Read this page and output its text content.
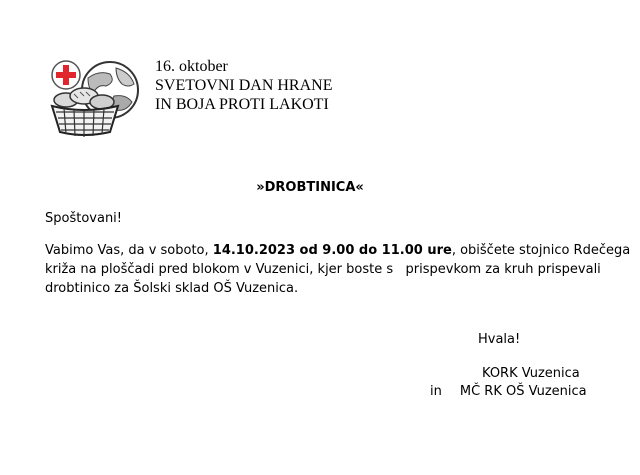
16. oktober
SVETOVNI DAN HRANE
IN BOJA PROTI LAKOTI
»DROBTINICA«
Spoštovani!
Vabimo Vas, da v soboto, 14.10.2023 od 9.00 do 11.00 ure, obiščete stojnico Rdečega
križa na ploščadi pred blokom v Vuzenici, kjer boste s   prispevkom za kruh prispevali
drobtinico za Šolski sklad OŠ Vuzenica.
Hvala!
KORK Vuzenica
in MČ RK OŠ Vuzenica
